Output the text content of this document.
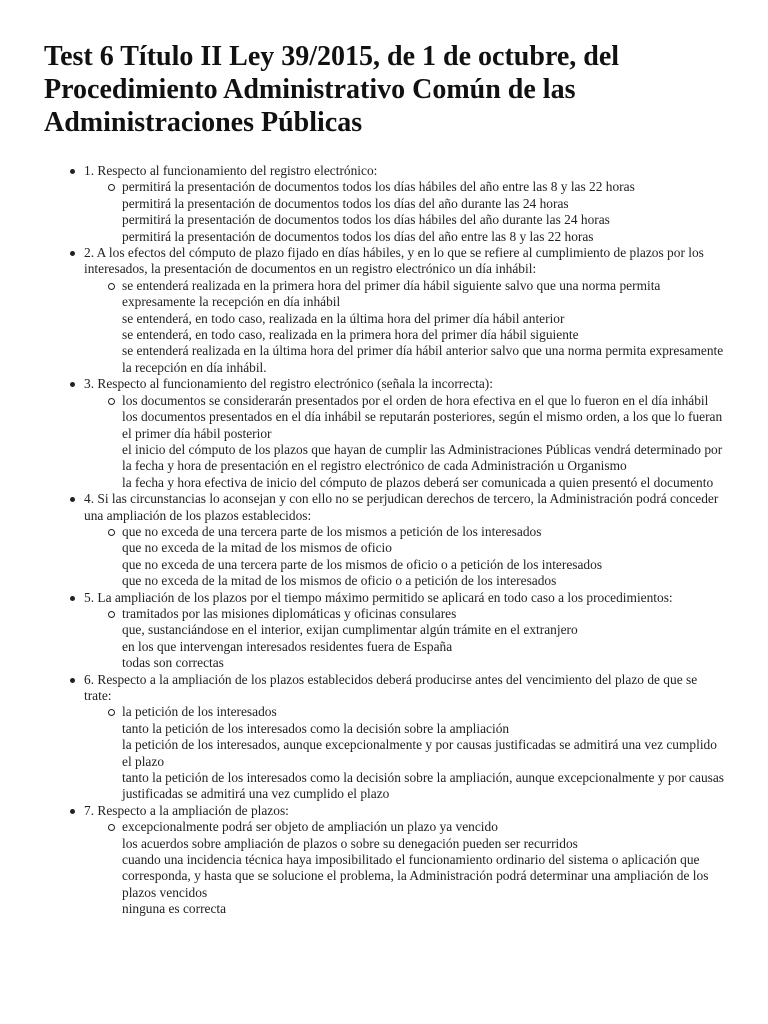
Test 6 Título II Ley 39/2015, de 1 de octubre, del Procedimiento Administrativo Común de las Administraciones Públicas
1. Respecto al funcionamiento del registro electrónico:
permitirá la presentación de documentos todos los días hábiles del año entre las 8 y las 22 horas
permitirá la presentación de documentos todos los días del año durante las 24 horas
permitirá la presentación de documentos todos los días hábiles del año durante las 24 horas
permitirá la presentación de documentos todos los días del año entre las 8 y las 22 horas
2. A los efectos del cómputo de plazo fijado en días hábiles, y en lo que se refiere al cumplimiento de plazos por los interesados, la presentación de documentos en un registro electrónico un día inhábil:
se entenderá realizada en la primera hora del primer día hábil siguiente salvo que una norma permita expresamente la recepción en día inhábil
se entenderá, en todo caso, realizada en la última hora del primer día hábil anterior
se entenderá, en todo caso, realizada en la primera hora del primer día hábil siguiente
se entenderá realizada en la última hora del primer día hábil anterior salvo que una norma permita expresamente la recepción en día inhábil.
3. Respecto al funcionamiento del registro electrónico (señala la incorrecta):
los documentos se considerarán presentados por el orden de hora efectiva en el que lo fueron en el día inhábil
los documentos presentados en el día inhábil se reputarán posteriores, según el mismo orden, a los que lo fueran el primer día hábil posterior
el inicio del cómputo de los plazos que hayan de cumplir las Administraciones Públicas vendrá determinado por la fecha y hora de presentación en el registro electrónico de cada Administración u Organismo
la fecha y hora efectiva de inicio del cómputo de plazos deberá ser comunicada a quien presentó el documento
4. Si las circunstancias lo aconsejan y con ello no se perjudican derechos de tercero, la Administración podrá conceder una ampliación de los plazos establecidos:
que no exceda de una tercera parte de los mismos a petición de los interesados
que no exceda de la mitad de los mismos de oficio
que no exceda de una tercera parte de los mismos de oficio o a petición de los interesados
que no exceda de la mitad de los mismos de oficio o a petición de los interesados
5. La ampliación de los plazos por el tiempo máximo permitido se aplicará en todo caso a los procedimientos:
tramitados por las misiones diplomáticas y oficinas consulares
que, sustanciándose en el interior, exijan cumplimentar algún trámite en el extranjero
en los que intervengan interesados residentes fuera de España
todas son correctas
6. Respecto a la ampliación de los plazos establecidos deberá producirse antes del vencimiento del plazo de que se trate:
la petición de los interesados
tanto la petición de los interesados como la decisión sobre la ampliación
la petición de los interesados, aunque excepcionalmente y por causas justificadas se admitirá una vez cumplido el plazo
tanto la petición de los interesados como la decisión sobre la ampliación, aunque excepcionalmente y por causas justificadas se admitirá una vez cumplido el plazo
7. Respecto a la ampliación de plazos:
excepcionalmente podrá ser objeto de ampliación un plazo ya vencido
los acuerdos sobre ampliación de plazos o sobre su denegación pueden ser recurridos
cuando una incidencia técnica haya imposibilitado el funcionamiento ordinario del sistema o aplicación que corresponda, y hasta que se solucione el problema, la Administración podrá determinar una ampliación de los plazos vencidos
ninguna es correcta
